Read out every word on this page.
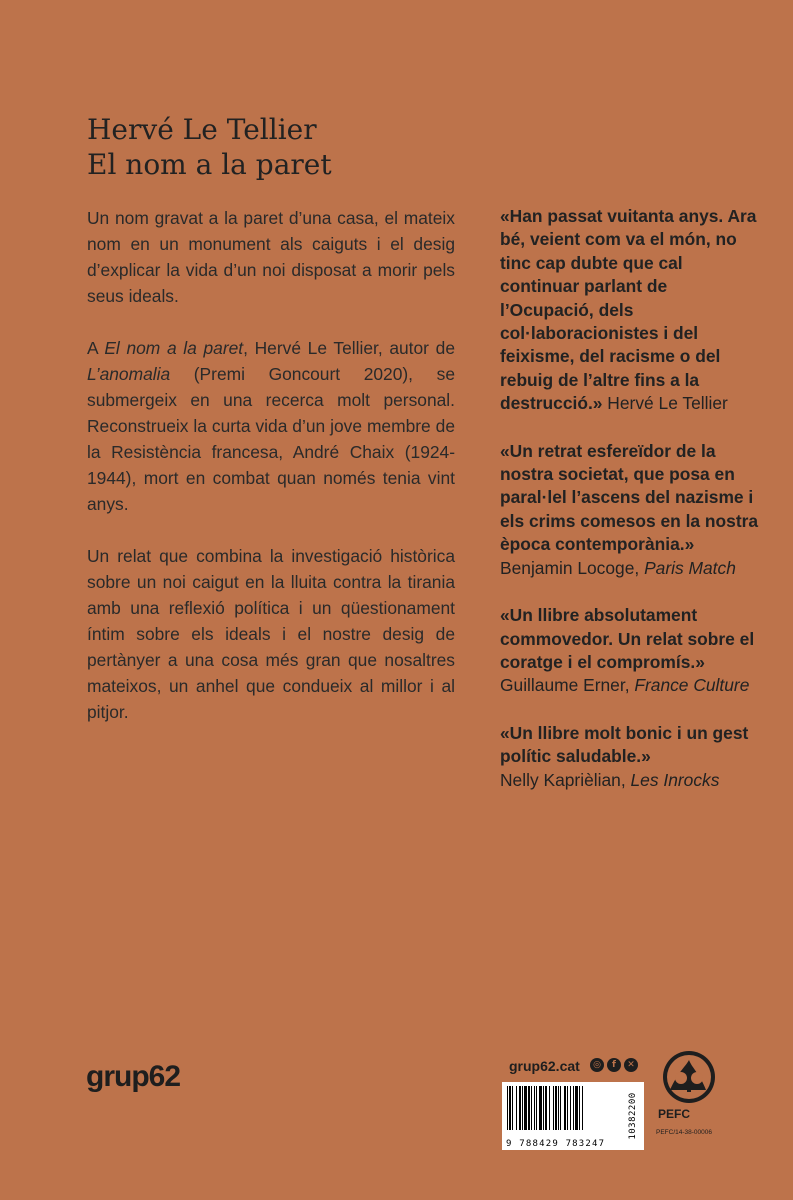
Hervé Le Tellier
El nom a la paret

Un nom gravat a la paret d’una casa, el mateix nom en un monument als caiguts i el desig d’explicar la vida d’un noi disposat a morir pels seus ideals.

A El nom a la paret, Hervé Le Tellier, autor de L’anomalia (Premi Goncourt 2020), se submergeix en una recerca molt personal. Reconstrueix la curta vida d’un jove membre de la Resistència francesa, André Chaix (1924-1944), mort en combat quan només tenia vint anys.

Un relat que combina la investigació històrica sobre un noi caigut en la lluita contra la tirania amb una reflexió política i un qüestionament íntim sobre els ideals i el nostre desig de pertànyer a una cosa més gran que nosaltres mateixos, un anhel que condueix al millor i al pitjor.

«Han passat vuitanta anys. Ara bé, veient com va el món, no tinc cap dubte que cal continuar parlant de l’Ocupació, dels col·laboracionistes i del feixisme, del racisme o del rebuig de l’altre fins a la destrucció.» Hervé Le Tellier
«Un retrat esfereïdor de la nostra societat, que posa en paral·lel l’ascens del nazisme i els crims comesos en la nostra època contemporània.»
Benjamin Locoge, Paris Match
«Un llibre absolutament commovedor. Un relat sobre el coratge i el compromís.»
Guillaume Erner, France Culture
«Un llibre molt bonic i un gest polític saludable.»
Nelly Kaprièlian, Les Inrocks
grup62	grup62.cat	◎	f	✕
9 788429 783247
10382200 PEFC
PEFC/14-38-00006
